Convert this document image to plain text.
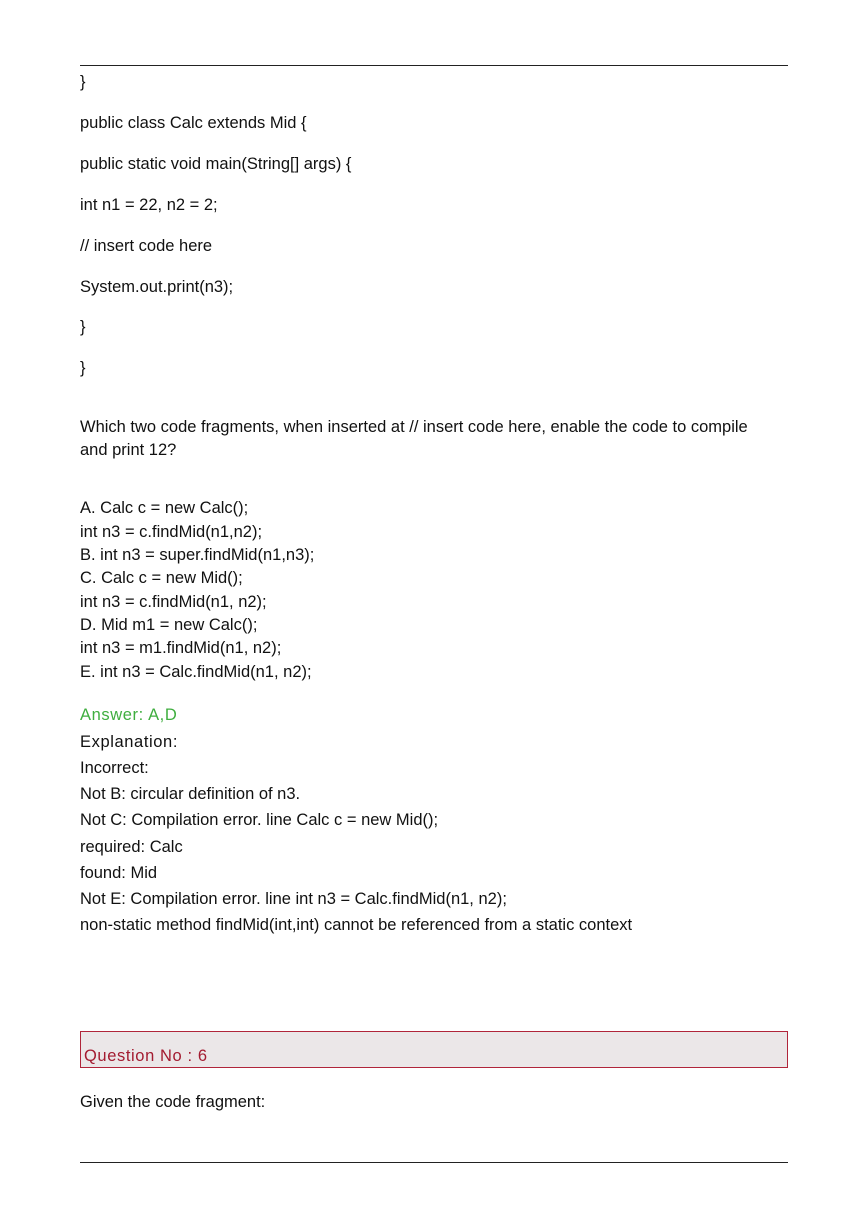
}
public class Calc extends Mid {
public static void main(String[] args) {
int n1 = 22, n2 = 2;
// insert code here
System.out.print(n3);
}
}
Which two code fragments, when inserted at // insert code here, enable the code to compile and print 12?
A. Calc c = new Calc();
int n3 = c.findMid(n1,n2);
B. int n3 = super.findMid(n1,n3);
C. Calc c = new Mid();
int n3 = c.findMid(n1, n2);
D. Mid m1 = new Calc();
int n3 = m1.findMid(n1, n2);
E. int n3 = Calc.findMid(n1, n2);
Answer: A,D
Explanation:
Incorrect:
Not B: circular definition of n3.
Not C: Compilation error. line Calc c = new Mid();
required: Calc
found: Mid
Not E: Compilation error. line int n3 = Calc.findMid(n1, n2);
non-static method findMid(int,int) cannot be referenced from a static context
Question No : 6
Given the code fragment:
